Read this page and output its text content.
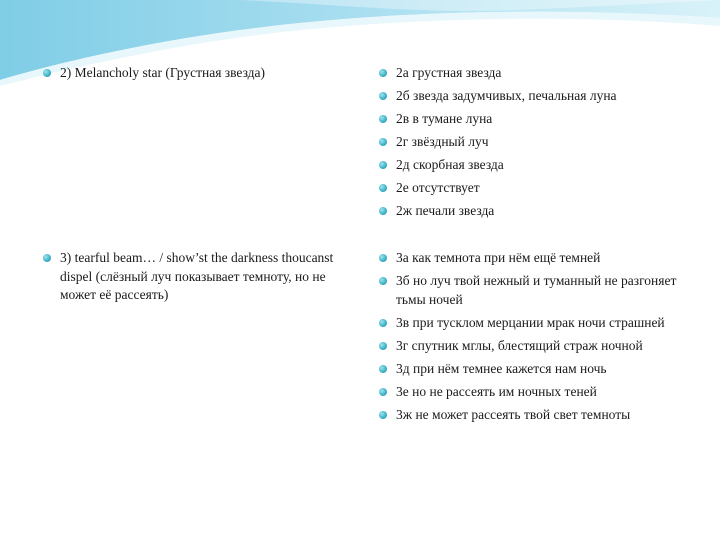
2) Melancholy star (Грустная звезда)	2а грустная звезда
2б звезда задумчивых, печальная луна
2в в тумане луна
2г звёздный луч
2д скорбная звезда
2е отсутствует
2ж печали звезда
3) tearful beam… / show’st the darkness thoucanst dispel (слёзный луч показывает темноту, но не может её рассеять)
3а как темнота при нём ещё темней
3б но луч твой нежный и туманный не разгоняет тьмы ночей
3в при тусклом мерцании мрак ночи страшней
3г спутник мглы, блестящий страж ночной
3д при нём темнее кажется нам ночь
3е но не рассеять им ночных теней
3ж не может рассеять твой свет темноты
